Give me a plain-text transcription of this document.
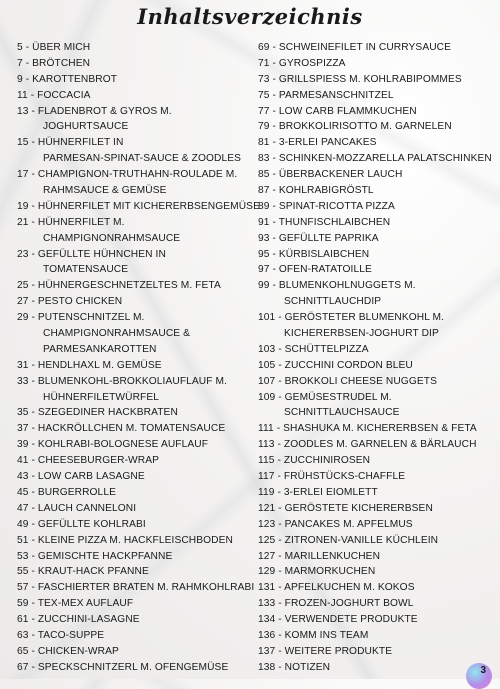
Inhaltsverzeichnis
5 - ÜBER MICH
7 - BRÖTCHEN
9 - KAROTTENBROT
11 - FOCCACIA
13 - FLADENBROT & GYROS M.
JOGHURTSAUCE
15 - HÜHNERFILET IN
PARMESAN-SPINAT-SAUCE & ZOODLES
17 - CHAMPIGNON-TRUTHAHN-ROULADE M.
RAHMSAUCE & GEMÜSE
19 - HÜHNERFILET MIT KICHERERBSENGEMÜSE
21 - HÜHNERFILET M.
CHAMPIGNONRAHMSAUCE
23 - GEFÜLLTE HÜHNCHEN IN
TOMATENSAUCE
25 - HÜHNERGESCHNETZELTES M. FETA
27 - PESTO CHICKEN
29 - PUTENSCHNITZEL M.
CHAMPIGNONRAHMSAUCE &
PARMESANKAROTTEN
31 - HENDLHAXL M. GEMÜSE
33 - BLUMENKOHL-BROKKOLIAUFLAUF M.
HÜHNERFILETWÜRFEL
35 - SZEGEDINER HACKBRATEN
37 - HACKRÖLLCHEN M. TOMATENSAUCE
39 - KOHLRABI-BOLOGNESE AUFLAUF
41 - CHEESEBURGER-WRAP
43 - LOW CARB LASAGNE
45 - BURGERROLLE
47 - LAUCH CANNELONI
49 - GEFÜLLTE KOHLRABI
51 - KLEINE PIZZA M. HACKFLEISCHBODEN
53 - GEMISCHTE HACKPFANNE
55 - KRAUT-HACK PFANNE
57 - FASCHIERTER BRATEN M. RAHMKOHLRABI
59 - TEX-MEX AUFLAUF
61 - ZUCCHINI-LASAGNE
63 - TACO-SUPPE
65 - CHICKEN-WRAP
67 - SPECKSCHNITZERL M. OFENGEMÜSE
69 - SCHWEINEFILET IN CURRYSAUCE
71 - GYROSPIZZA
73 - GRILLSPIESS M. KOHLRABIPOMMES
75 - PARMESANSCHNITZEL
77 - LOW CARB FLAMMKUCHEN
79 - BROKKOLIRISOTTO M. GARNELEN
81 - 3-ERLEI PANCAKES
83 - SCHINKEN-MOZZARELLA PALATSCHINKEN
85 - ÜBERBACKENER LAUCH
87 - KOHLRABIGRÖSTL
89 - SPINAT-RICOTTA PIZZA
91 - THUNFISCHLAIBCHEN
93 - GEFÜLLTE PAPRIKA
95 - KÜRBISLAIBCHEN
97 - OFEN-RATATOILLE
99 - BLUMENKOHLNUGGETS M.
SCHNITTLAUCHDIP
101 - GERÖSTETER BLUMENKOHL M.
KICHERERBSEN-JOGHURT DIP
103 - SCHÜTTELPIZZA
105 - ZUCCHINI CORDON BLEU
107 - BROKKOLI CHEESE NUGGETS
109 - GEMÜSESTRUDEL M.
SCHNITTLAUCHSAUCE
111 - SHASHUKA M. KICHERERBSEN & FETA
113 - ZOODLES M. GARNELEN & BÄRLAUCH
115 - ZUCCHINIROSEN
117 - FRÜHSTÜCKS-CHAFFLE
119 - 3-ERLEI EIOMLETT
121 - GERÖSTETE KICHERERBSEN
123 - PANCAKES M. APFELMUS
125 - ZITRONEN-VANILLE KÜCHLEIN
127 - MARILLENKUCHEN
129 - MARMORKUCHEN
131 - APFELKUCHEN M. KOKOS
133 - FROZEN-JOGHURT BOWL
134 - VERWENDETE PRODUKTE
136 - KOMM INS TEAM
137 - WEITERE PRODUKTE
138 - NOTIZEN	3
